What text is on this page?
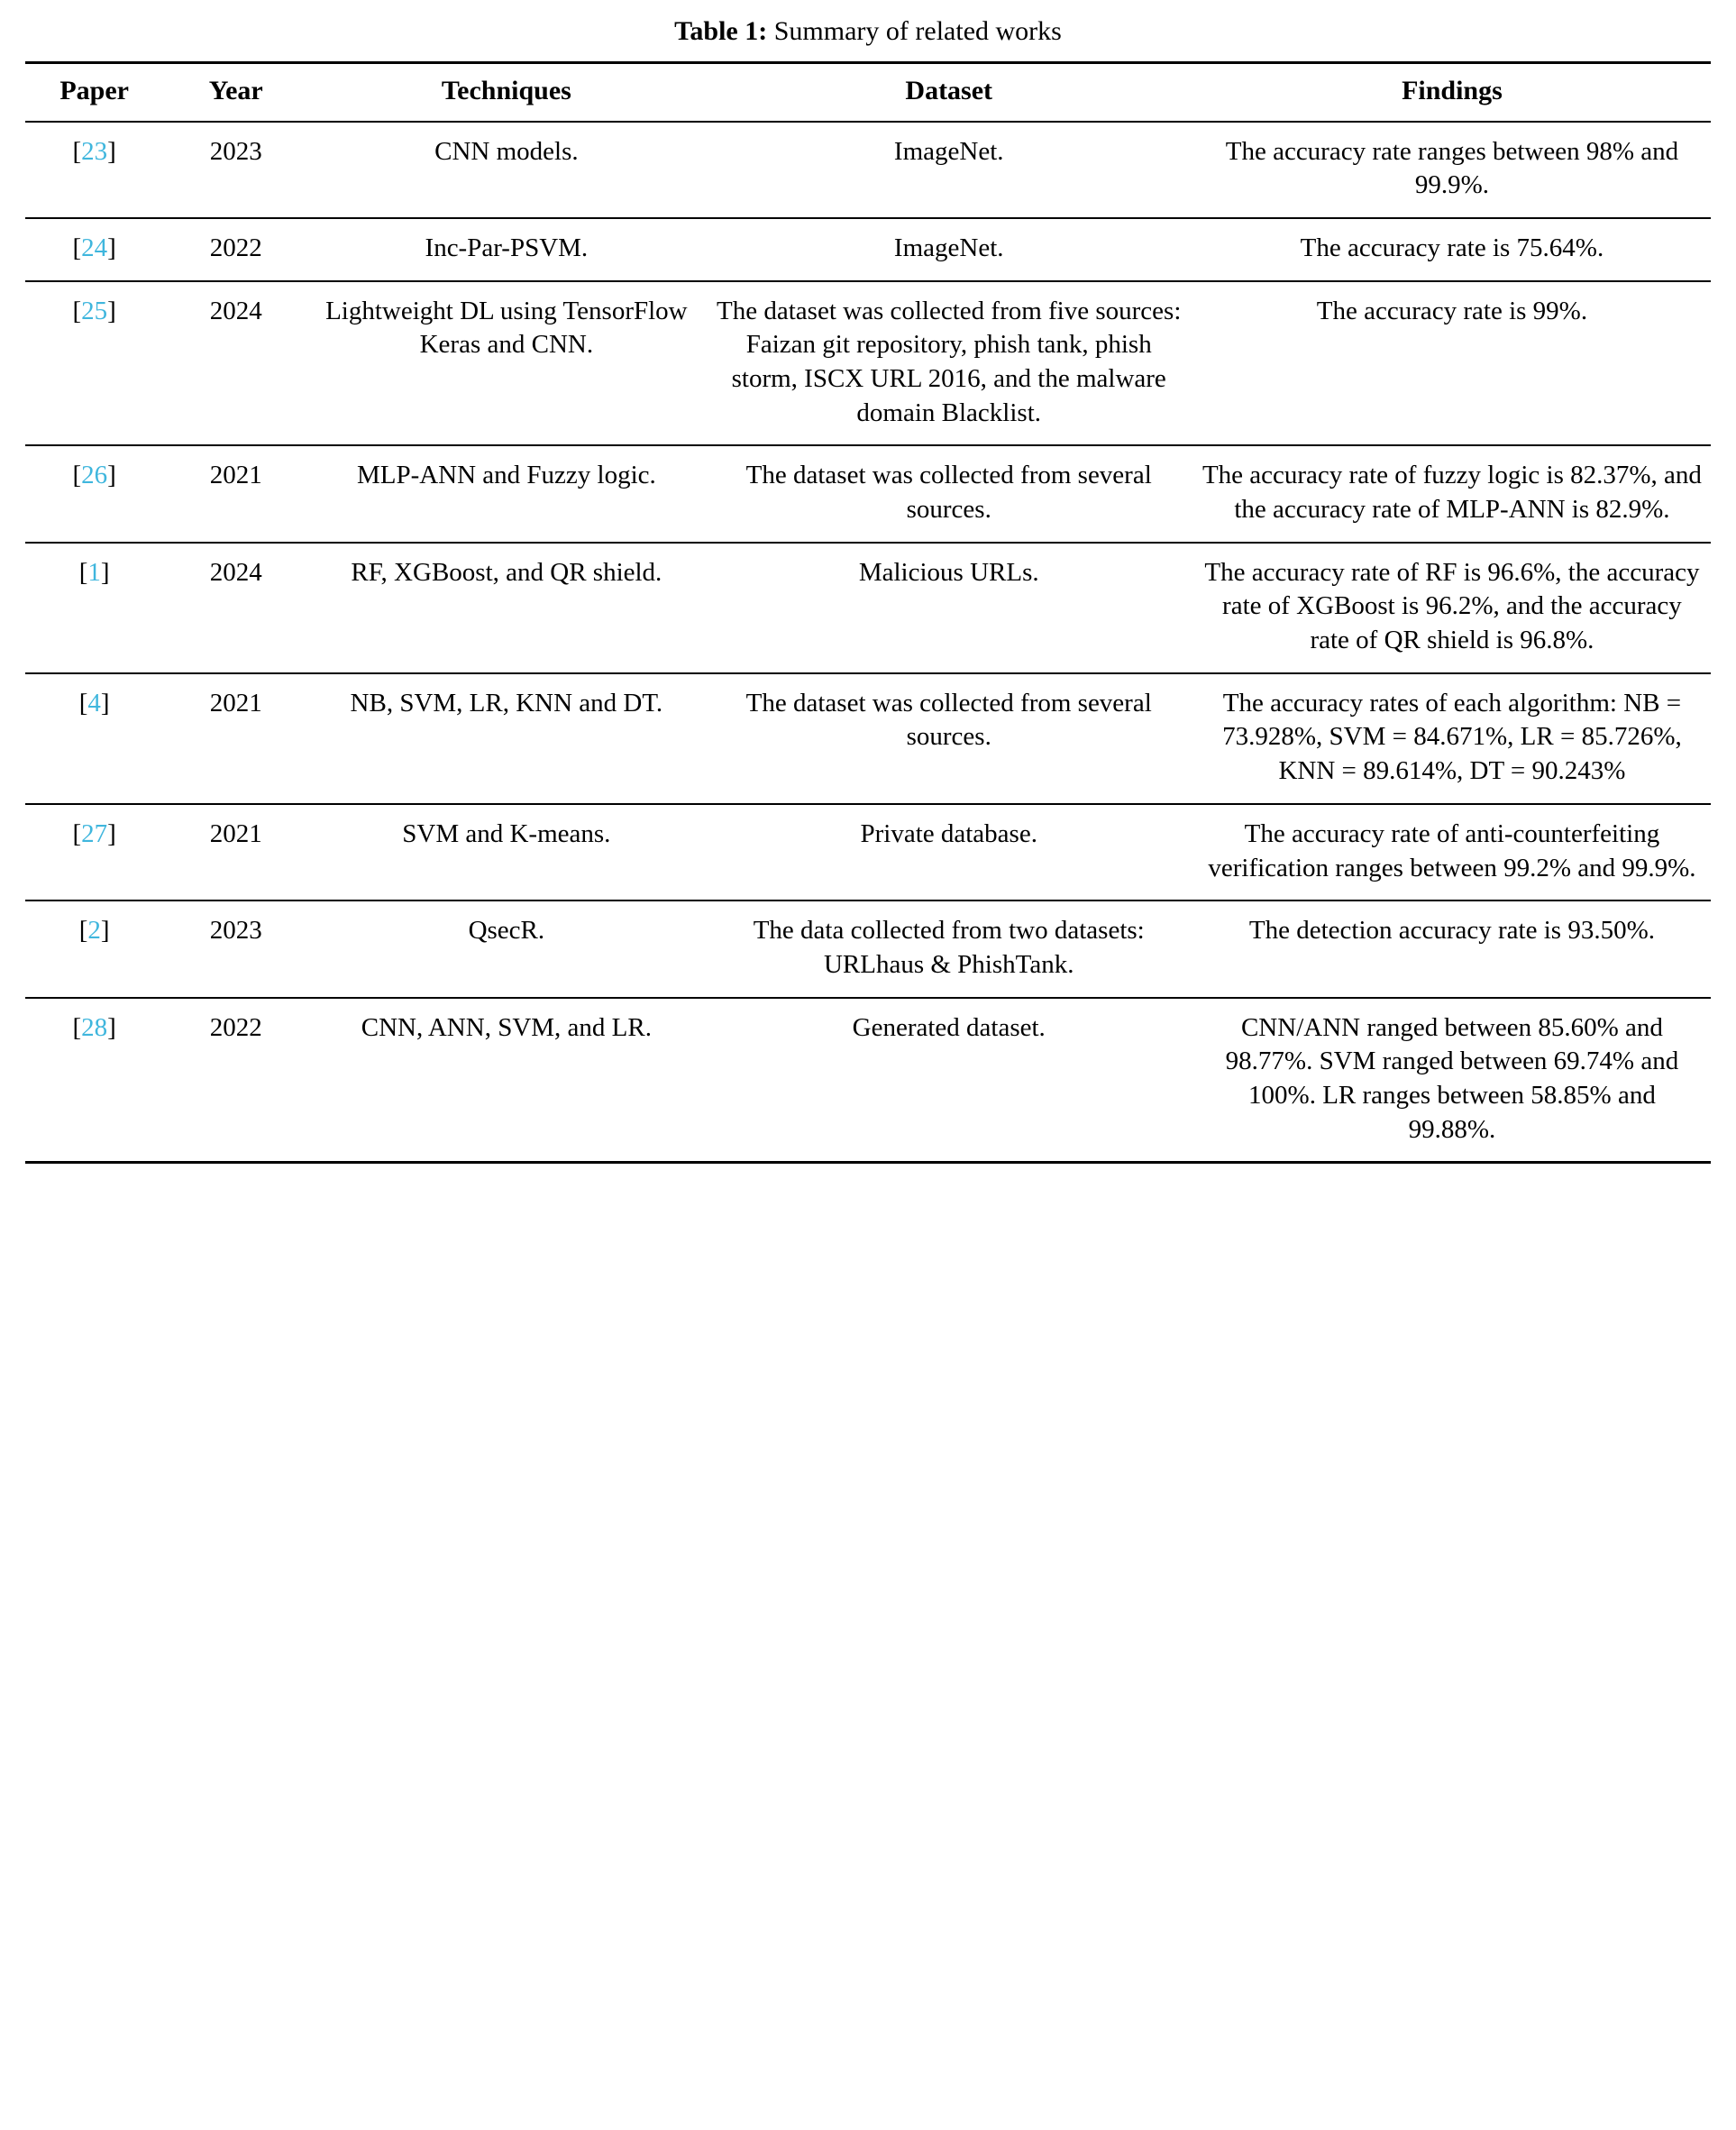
Table 1: Summary of related works
Paper	Year	Techniques	Dataset	Findings
[23]	2023	CNN models.	ImageNet.	The accuracy rate ranges between 98% and 99.9%.
[24]	2022	Inc-Par-PSVM.	ImageNet.	The accuracy rate is 75.64%.
[25]	2024	Lightweight DL using TensorFlow Keras and CNN.	The dataset was collected from five sources: Faizan git repository, phish tank, phish storm, ISCX URL 2016, and the malware domain Blacklist.	The accuracy rate is 99%.
[26]	2021	MLP-ANN and Fuzzy logic.	The dataset was collected from several sources.	The accuracy rate of fuzzy logic is 82.37%, and the accuracy rate of MLP-ANN is 82.9%.
[1]	2024	RF, XGBoost, and QR shield.	Malicious URLs.	The accuracy rate of RF is 96.6%, the accuracy rate of XGBoost is 96.2%, and the accuracy rate of QR shield is 96.8%.
[4]	2021	NB, SVM, LR, KNN and DT.	The dataset was collected from several sources.	The accuracy rates of each algorithm: NB = 73.928%, SVM = 84.671%, LR = 85.726%, KNN = 89.614%, DT = 90.243%
[27]	2021	SVM and K-means.	Private database.	The accuracy rate of anti-counterfeiting verification ranges between 99.2% and 99.9%.
[2]	2023	QsecR.	The data collected from two datasets: URLhaus & PhishTank.	The detection accuracy rate is 93.50%.
[28]	2022	CNN, ANN, SVM, and LR.	Generated dataset.	CNN/ANN ranged between 85.60% and 98.77%. SVM ranged between 69.74% and 100%. LR ranges between 58.85% and 99.88%.
